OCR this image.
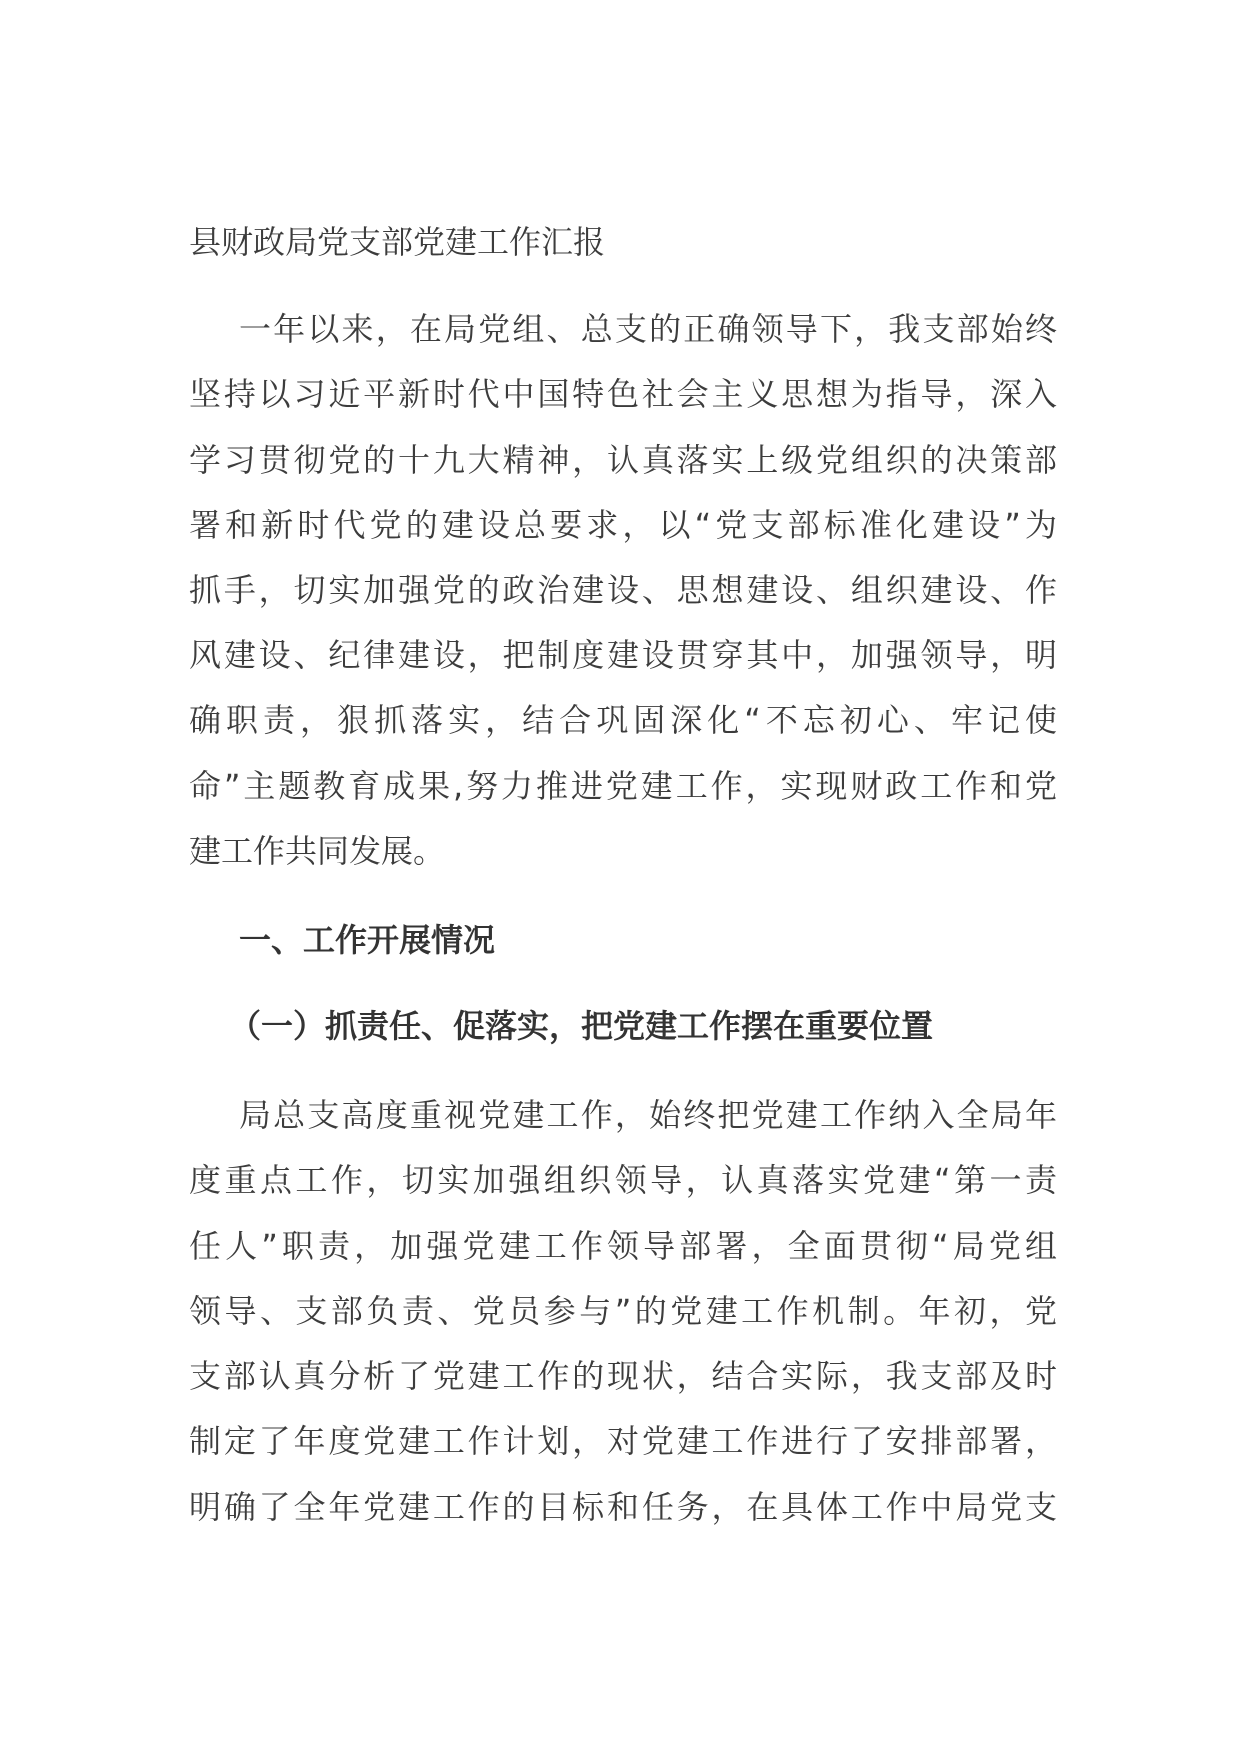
县财政局党支部党建工作汇报
一年以来，在局党组、总支的正确领导下，我支部始终
坚持以习近平新时代中国特色社会主义思想为指导，深入
学习贯彻党的十九大精神，认真落实上级党组织的决策部
署和新时代党的建设总要求，以“党支部标准化建设”为
抓手，切实加强党的政治建设、思想建设、组织建设、作
风建设、纪律建设，把制度建设贯穿其中，加强领导，明
确职责，狠抓落实，结合巩固深化“不忘初心、牢记使
命”主题教育成果,努力推进党建工作，实现财政工作和党
建工作共同发展。
一、工作开展情况
（一）抓责任、促落实，把党建工作摆在重要位置
局总支高度重视党建工作，始终把党建工作纳入全局年
度重点工作，切实加强组织领导，认真落实党建“第一责
任人”职责，加强党建工作领导部署，全面贯彻“局党组
领导、支部负责、党员参与”的党建工作机制。年初，党
支部认真分析了党建工作的现状，结合实际，我支部及时
制定了年度党建工作计划，对党建工作进行了安排部署，
明确了全年党建工作的目标和任务，在具体工作中局党支
